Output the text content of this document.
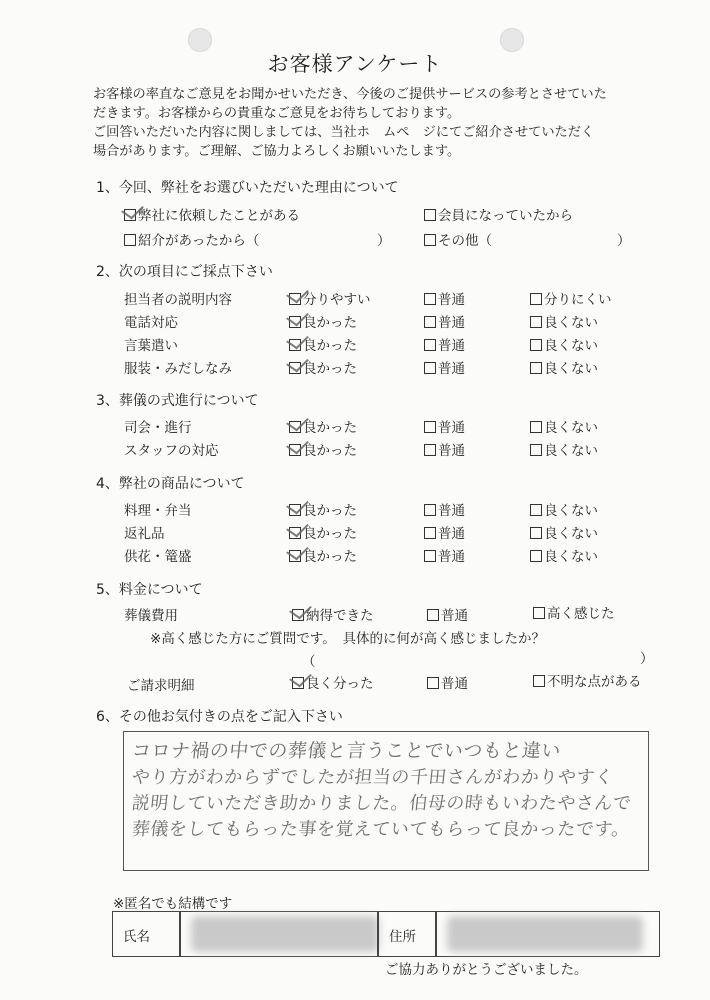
お客様アンケート
お客様の率直なご意見をお聞かせいただき、今後のご提供サービスの参考とさせていた
だきます。お客様からの貴重なご意見をお待ちしております。
ご回答いただいた内容に関しましては、当社ホ　ムペ　ジにてご紹介させていただく
場合があります。ご理解、ご協力よろしくお願いいたします。
1、今回、弊社をお選びいただいた理由について
弊社に依頼したことがある	会員になっていたから
紹介があったから（	）	その他（	）
2、次の項目にご採点下さい
担当者の説明内容	分りやすい	普通	分りにくい
電話対応	良かった	普通	良くない
言葉遣い	良かった	普通	良くない
服装・みだしなみ	良かった	普通	良くない
3、葬儀の式進行について
司会・進行	良かった	普通	良くない
スタッフの対応	良かった	普通	良くない
4、弊社の商品について
料理・弁当	良かった	普通	良くない
返礼品	良かった	普通	良くない
供花・篭盛	良かった	普通	良くない
5、料金について
葬儀費用	納得できた	普通	高く感じた
※高く感じた方にご質問です。　具体的に何が高く感じましたか？
（	）
ご請求明細	良く分った	普通	不明な点がある
6、その他お気付きの点をご記入下さい
コロナ禍の中での葬儀と言うことでいつもと違い
やり方がわからずでしたが担当の千田さんがわかりやすく
説明していただき助かりました。伯母の時もいわたやさんで
葬儀をしてもらった事を覚えていてもらって良かったです。
※匿名でも結構です
氏名	住所
ご協力ありがとうございました。
